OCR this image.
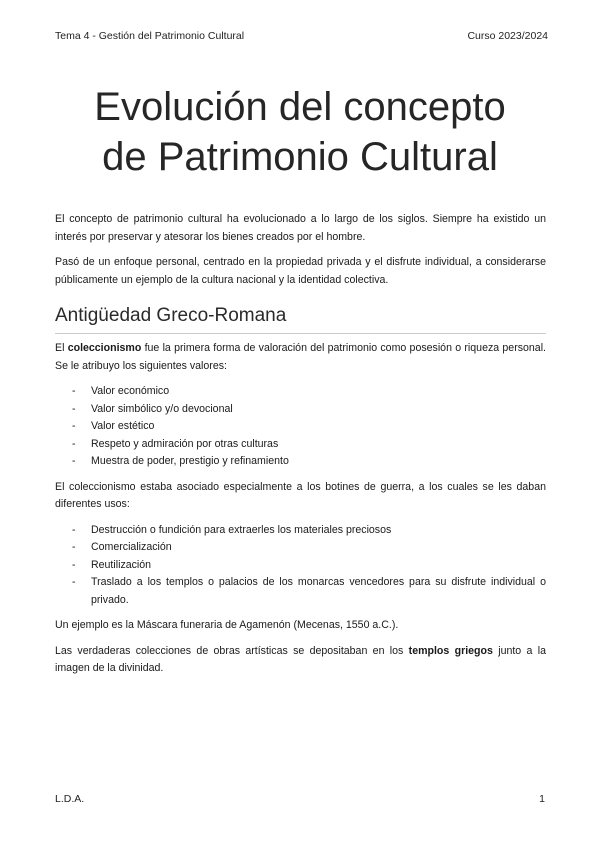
Tema 4 - Gestión del Patrimonio Cultural	Curso 2023/2024
Evolución del concepto
de Patrimonio Cultural

El concepto de patrimonio cultural ha evolucionado a lo largo de los siglos. Siempre ha existido un interés por preservar y atesorar los bienes creados por el hombre.

Pasó de un enfoque personal, centrado en la propiedad privada y el disfrute individual, a considerarse públicamente un ejemplo de la cultura nacional y la identidad colectiva.

Antigüedad Greco-Romana

El coleccionismo fue la primera forma de valoración del patrimonio como posesión o riqueza personal. Se le atribuyo los siguientes valores:

- Valor económico
- Valor simbólico y/o devocional
- Valor estético
- Respeto y admiración por otras culturas
- Muestra de poder, prestigio y refinamiento

El coleccionismo estaba asociado especialmente a los botines de guerra, a los cuales se les daban diferentes usos:

- Destrucción o fundición para extraerles los materiales preciosos
- Comercialización
- Reutilización
- Traslado a los templos o palacios de los monarcas vencedores para su disfrute individual o privado.

Un ejemplo es la Máscara funeraria de Agamenón (Mecenas, 1550 a.C.).

Las verdaderas colecciones de obras artísticas se depositaban en los templos griegos junto a la imagen de la divinidad.

L.D.A.	1
